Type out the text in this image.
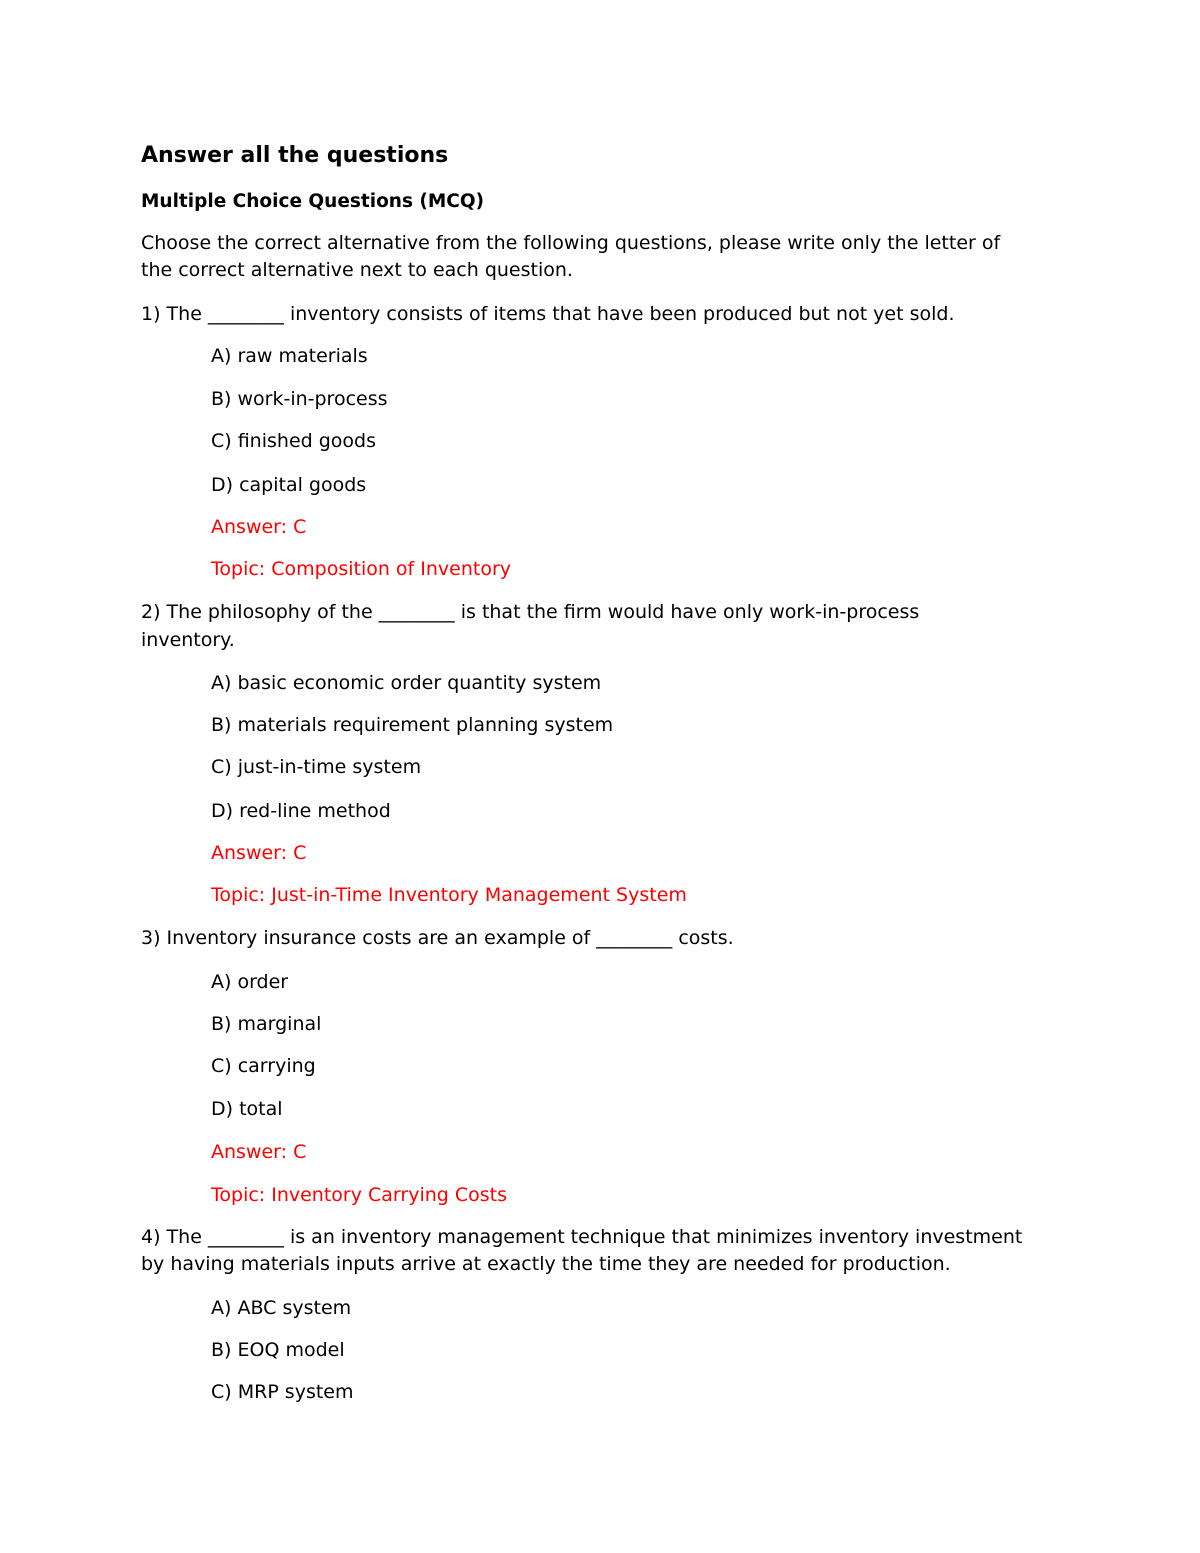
Answer all the questions
Multiple Choice Questions (MCQ)
Choose the correct alternative from the following questions, please write only the letter of
the correct alternative next to each question.
1) The ________ inventory consists of items that have been produced but not yet sold.
A) raw materials
B) work-in-process
C) finished goods
D) capital goods
Answer: C
Topic: Composition of Inventory
2) The philosophy of the ________ is that the firm would have only work-in-process
inventory.
A) basic economic order quantity system
B) materials requirement planning system
C) just-in-time system
D) red-line method
Answer: C
Topic: Just-in-Time Inventory Management System
3) Inventory insurance costs are an example of ________ costs.
A) order
B) marginal
C) carrying
D) total
Answer: C
Topic: Inventory Carrying Costs
4) The ________ is an inventory management technique that minimizes inventory investment
by having materials inputs arrive at exactly the time they are needed for production.
A) ABC system
B) EOQ model
C) MRP system
